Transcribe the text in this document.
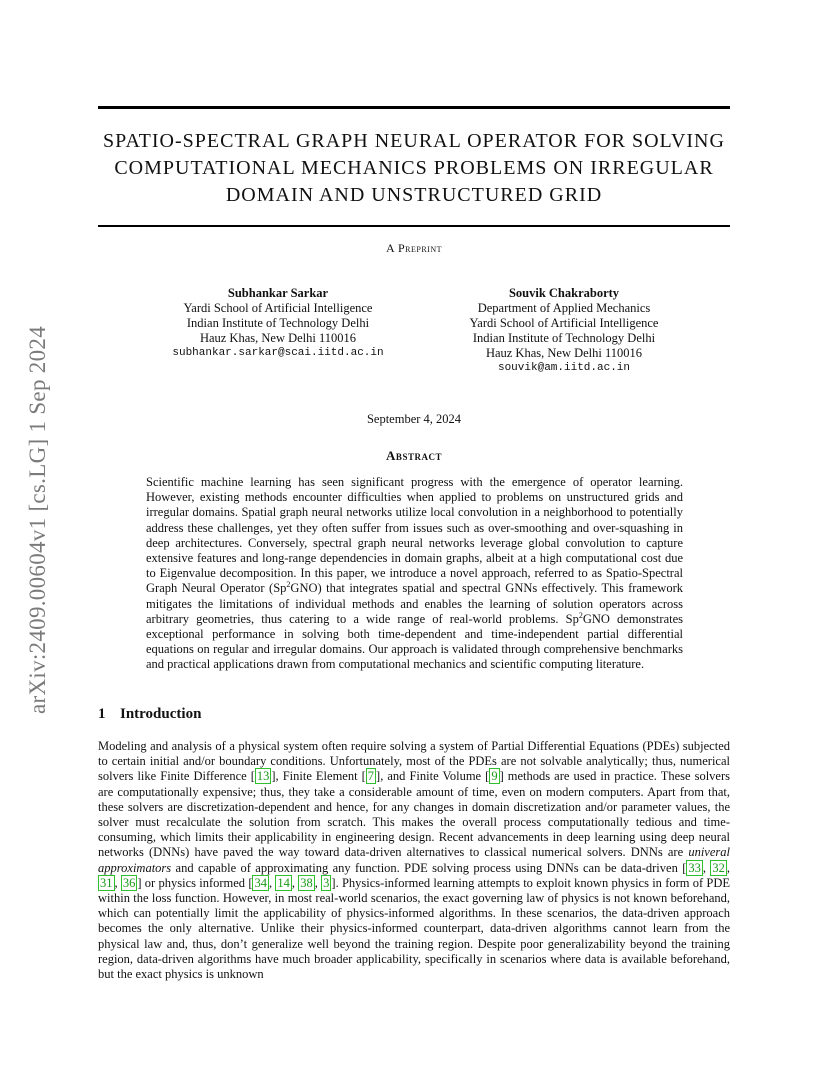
arXiv:2409.00604v1 [cs.LG] 1 Sep 2024
SPATIO-SPECTRAL GRAPH NEURAL OPERATOR FOR SOLVING
COMPUTATIONAL MECHANICS PROBLEMS ON IRREGULAR
DOMAIN AND UNSTRUCTURED GRID
A Preprint
Subhankar Sarkar
Yardi School of Artificial Intelligence
Indian Institute of Technology Delhi
Hauz Khas, New Delhi 110016
subhankar.sarkar@scai.iitd.ac.in
Souvik Chakraborty
Department of Applied Mechanics
Yardi School of Artificial Intelligence
Indian Institute of Technology Delhi
Hauz Khas, New Delhi 110016
souvik@am.iitd.ac.in
September 4, 2024
Abstract
Scientific machine learning has seen significant progress with the emergence of operator learning. However, existing methods encounter difficulties when applied to problems on unstructured grids and irregular domains. Spatial graph neural networks utilize local convolution in a neighborhood to potentially address these challenges, yet they often suffer from issues such as over-smoothing and over-squashing in deep architectures. Conversely, spectral graph neural networks leverage global convolution to capture extensive features and long-range dependencies in domain graphs, albeit at a high computational cost due to Eigenvalue decomposition. In this paper, we introduce a novel approach, referred to as Spatio-Spectral Graph Neural Operator (Sp$^2$GNO) that integrates spatial and spectral GNNs effectively. This framework mitigates the limitations of individual methods and enables the learning of solution operators across arbitrary geometries, thus catering to a wide range of real-world problems. Sp$^2$GNO demonstrates exceptional performance in solving both time-dependent and time-independent partial differential equations on regular and irregular domains. Our approach is validated through comprehensive benchmarks and practical applications drawn from computational mechanics and scientific computing literature.
1 Introduction
Modeling and analysis of a physical system often require solving a system of Partial Differential Equations (PDEs) subjected to certain initial and/or boundary conditions. Unfortunately, most of the PDEs are not solvable analytically; thus, numerical solvers like Finite Difference [ 13 ], Finite Element [ 7 ], and Finite Volume [ 9 ] methods are used in practice. These solvers are computationally expensive; thus, they take a considerable amount of time, even on modern computers. Apart from that, these solvers are discretization-dependent and hence, for any changes in domain discretization and/or parameter values, the solver must recalculate the solution from scratch. This makes the overall process computationally tedious and time-consuming, which limits their applicability in engineering design. Recent advancements in deep learning using deep neural networks (DNNs) have paved the way toward data-driven alternatives to classical numerical solvers. DNNs are univeral approximators and capable of approximating any function. PDE solving process using DNNs can be data-driven [ 33 , 32 , 31 , 36 ] or physics informed [ 34 , 14 , 38 , 3 ]. Physics-informed learning attempts to exploit known physics in form of PDE within the loss function. However, in most real-world scenarios, the exact governing law of physics is not known beforehand, which can potentially limit the applicability of physics-informed algorithms. In these scenarios, the data-driven approach becomes the only alternative. Unlike their physics-informed counterpart, data-driven algorithms cannot learn from the physical law and, thus, don’t generalize well beyond the training region. Despite poor generalizability beyond the training region, data-driven algorithms have much broader applicability, specifically in scenarios where data is available beforehand, but the exact physics is unknown
